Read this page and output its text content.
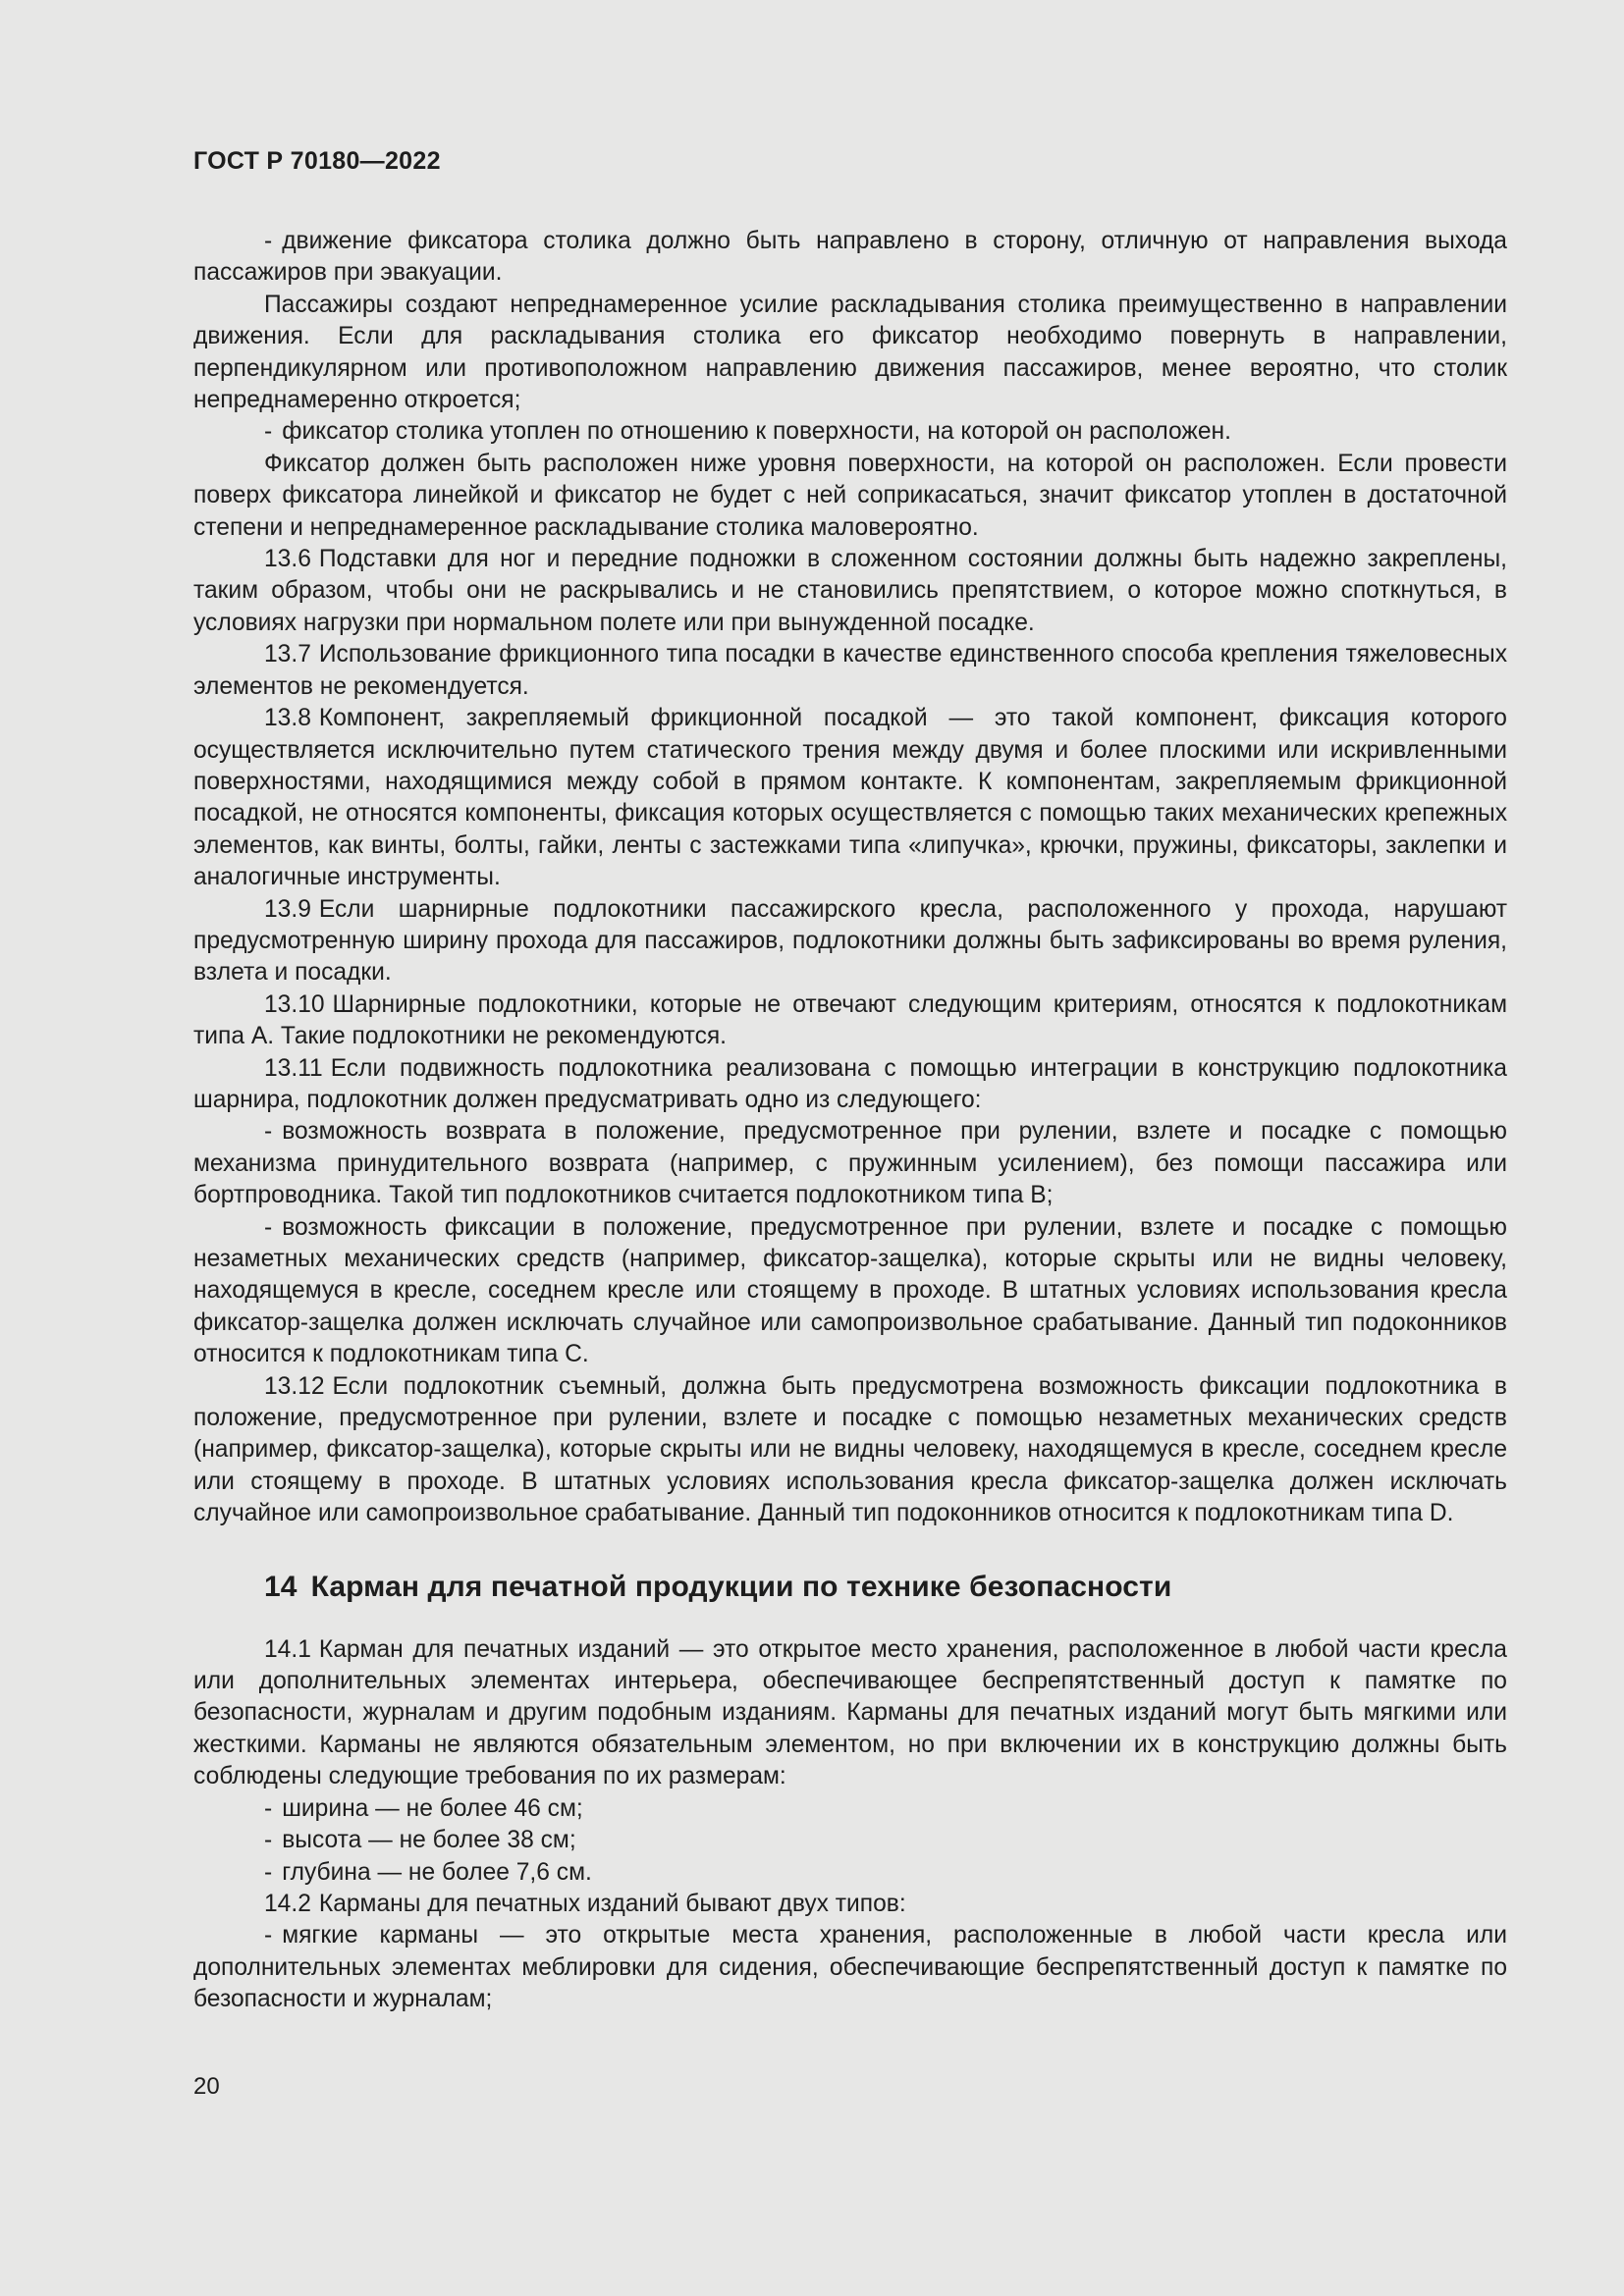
ГОСТ Р 70180—2022

- движение фиксатора столика должно быть направлено в сторону, отличную от направления выхода пассажиров при эвакуации.

Пассажиры создают непреднамеренное усилие раскладывания столика преимущественно в направлении движения. Если для раскладывания столика его фиксатор необходимо повернуть в направлении, перпендикулярном или противоположном направлению движения пассажиров, менее вероятно, что столик непреднамеренно откроется;

- фиксатор столика утоплен по отношению к поверхности, на которой он расположен.

Фиксатор должен быть расположен ниже уровня поверхности, на которой он расположен. Если провести поверх фиксатора линейкой и фиксатор не будет с ней соприкасаться, значит фиксатор утоплен в достаточной степени и непреднамеренное раскладывание столика маловероятно.

13.6 Подставки для ног и передние подножки в сложенном состоянии должны быть надежно закреплены, таким образом, чтобы они не раскрывались и не становились препятствием, о которое можно споткнуться, в условиях нагрузки при нормальном полете или при вынужденной посадке.

13.7 Использование фрикционного типа посадки в качестве единственного способа крепления тяжеловесных элементов не рекомендуется.

13.8 Компонент, закрепляемый фрикционной посадкой — это такой компонент, фиксация которого осуществляется исключительно путем статического трения между двумя и более плоскими или искривленными поверхностями, находящимися между собой в прямом контакте. К компонентам, закрепляемым фрикционной посадкой, не относятся компоненты, фиксация которых осуществляется с помощью таких механических крепежных элементов, как винты, болты, гайки, ленты с застежками типа «липучка», крючки, пружины, фиксаторы, заклепки и аналогичные инструменты.

13.9 Если шарнирные подлокотники пассажирского кресла, расположенного у прохода, нарушают предусмотренную ширину прохода для пассажиров, подлокотники должны быть зафиксированы во время руления, взлета и посадки.

13.10 Шарнирные подлокотники, которые не отвечают следующим критериям, относятся к подлокотникам типа А. Такие подлокотники не рекомендуются.

13.11 Если подвижность подлокотника реализована с помощью интеграции в конструкцию подлокотника шарнира, подлокотник должен предусматривать одно из следующего:

- возможность возврата в положение, предусмотренное при рулении, взлете и посадке с помощью механизма принудительного возврата (например, с пружинным усилением), без помощи пассажира или бортпроводника. Такой тип подлокотников считается подлокотником типа В;

- возможность фиксации в положение, предусмотренное при рулении, взлете и посадке с помощью незаметных механических средств (например, фиксатор-защелка), которые скрыты или не видны человеку, находящемуся в кресле, соседнем кресле или стоящему в проходе. В штатных условиях использования кресла фиксатор-защелка должен исключать случайное или самопроизвольное срабатывание. Данный тип подоконников относится к подлокотникам типа С.

13.12 Если подлокотник съемный, должна быть предусмотрена возможность фиксации подлокотника в положение, предусмотренное при рулении, взлете и посадке с помощью незаметных механических средств (например, фиксатор-защелка), которые скрыты или не видны человеку, находящемуся в кресле, соседнем кресле или стоящему в проходе. В штатных условиях использования кресла фиксатор-защелка должен исключать случайное или самопроизвольное срабатывание. Данный тип подоконников относится к подлокотникам типа D.

14 Карман для печатной продукции по технике безопасности

14.1 Карман для печатных изданий — это открытое место хранения, расположенное в любой части кресла или дополнительных элементах интерьера, обеспечивающее беспрепятственный доступ к памятке по безопасности, журналам и другим подобным изданиям. Карманы для печатных изданий могут быть мягкими или жесткими. Карманы не являются обязательным элементом, но при включении их в конструкцию должны быть соблюдены следующие требования по их размерам:

- ширина — не более 46 см;

- высота — не более 38 см;

- глубина — не более 7,6 см.

14.2 Карманы для печатных изданий бывают двух типов:

- мягкие карманы — это открытые места хранения, расположенные в любой части кресла или дополнительных элементах меблировки для сидения, обеспечивающие беспрепятственный доступ к памятке по безопасности и журналам;

20
